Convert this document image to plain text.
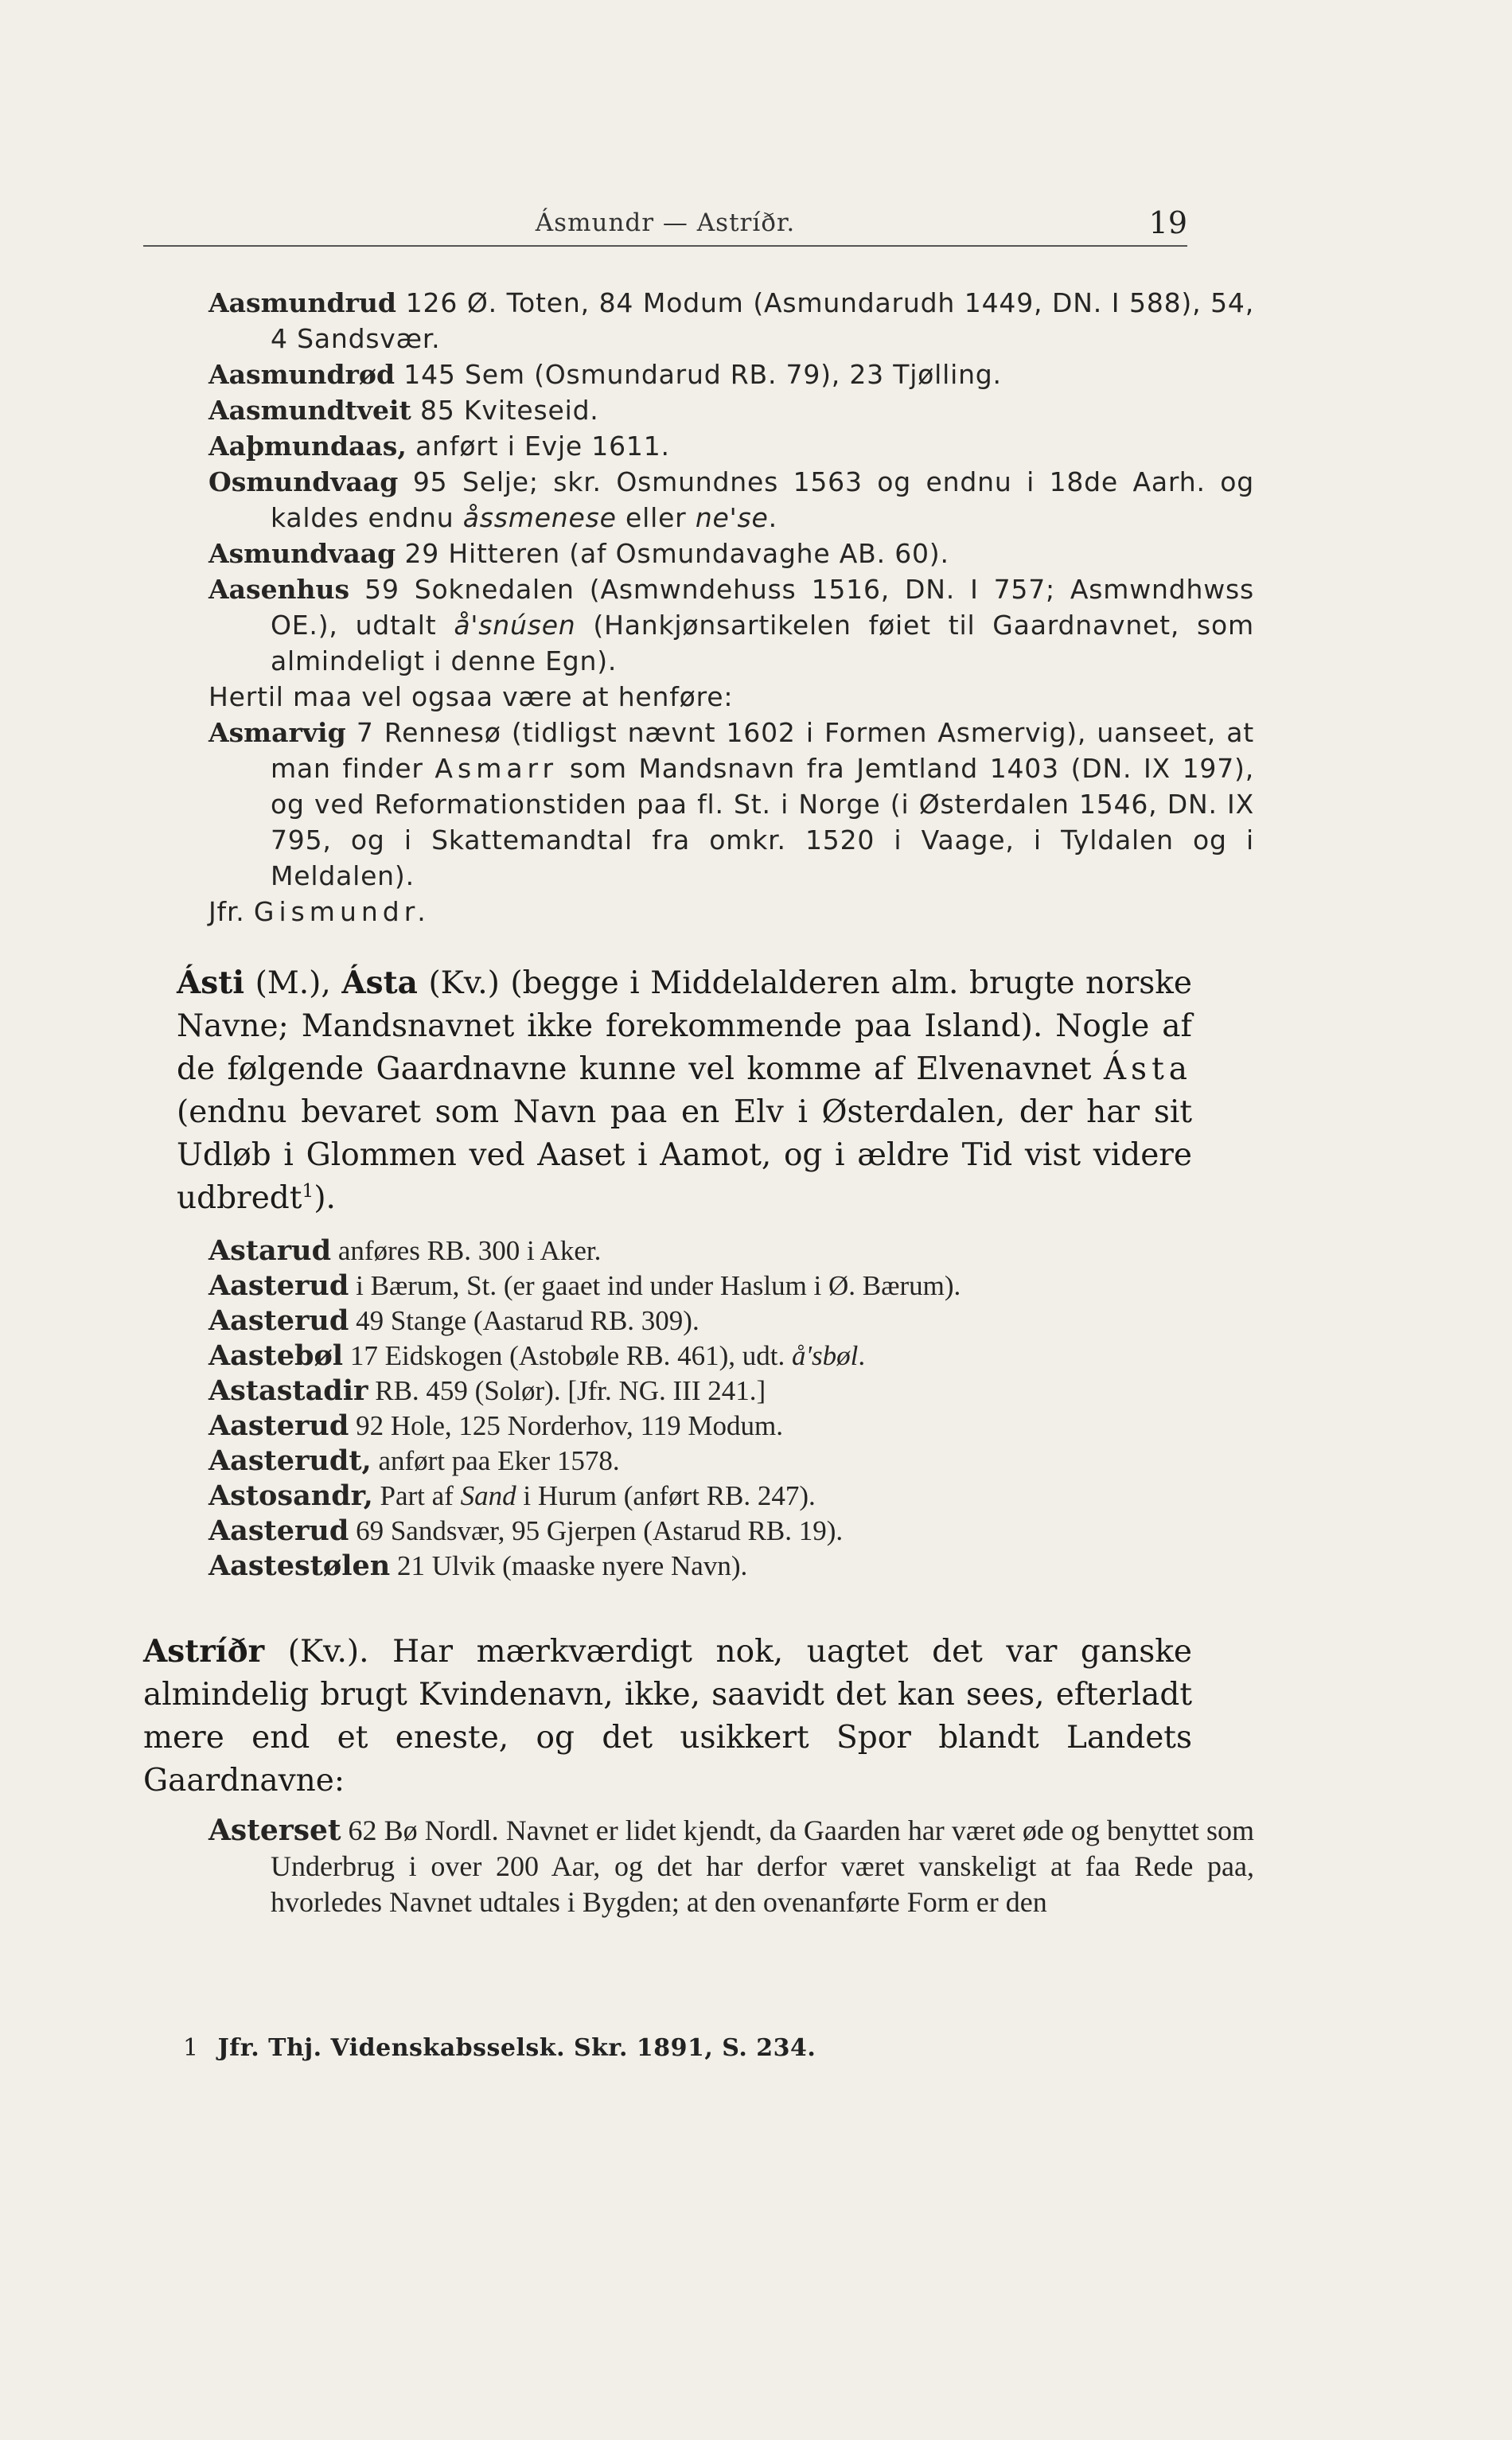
Ásmundr — Astríðr.	19
Aasmundrud 126 Ø. Toten, 84 Modum (Asmundarudh 1449, DN. I 588), 54, 4 Sandsvær.
Aasmundrød 145 Sem (Osmundarud RB. 79), 23 Tjølling.
Aasmundtveit 85 Kviteseid.
Aaþmundaas, anført i Evje 1611.
Osmundvaag 95 Selje; skr. Osmundnes 1563 og endnu i 18de Aarh. og kaldes endnu åssmenese eller ne'se.
Asmundvaag 29 Hitteren (af Osmundavaghe AB. 60).
Aasenhus 59 Soknedalen (Asmwndehuss 1516, DN. I 757; Asmwndhwss OE.), udtalt å'snúsen (Hankjønsartikelen føiet til Gaardnavnet, som almindeligt i denne Egn).
Hertil maa vel ogsaa være at henføre:
Asmarvig 7 Rennesø (tidligst nævnt 1602 i Formen Asmervig), uanseet, at man finder Asmarr som Mandsnavn fra Jemtland 1403 (DN. IX 197), og ved Reformationstiden paa fl. St. i Norge (i Østerdalen 1546, DN. IX 795, og i Skattemandtal fra omkr. 1520 i Vaage, i Tyldalen og i Meldalen).
Jfr. Gismundr.
Ásti (M.), Ásta (Kv.) (begge i Middelalderen alm. brugte norske Navne; Mandsnavnet ikke forekommende paa Island). Nogle af de følgende Gaardnavne kunne vel komme af Elvenavnet Ásta (endnu bevaret som Navn paa en Elv i Østerdalen, der har sit Udløb i Glommen ved Aaset i Aamot, og i ældre Tid vist videre udbredt$^1$).
Astarud anføres RB. 300 i Aker.
Aasterud i Bærum, St. (er gaaet ind under Haslum i Ø. Bærum).
Aasterud 49 Stange (Aastarud RB. 309).
Aastebøl 17 Eidskogen (Astobøle RB. 461), udt. å'sbøl.
Astastadir RB. 459 (Solør). [Jfr. NG. III 241.]
Aasterud 92 Hole, 125 Norderhov, 119 Modum.
Aasterudt, anført paa Eker 1578.
Astosandr, Part af Sand i Hurum (anført RB. 247).
Aasterud 69 Sandsvær, 95 Gjerpen (Astarud RB. 19).
Aastestølen 21 Ulvik (maaske nyere Navn).
Astríðr (Kv.). Har mærkværdigt nok, uagtet det var ganske almindelig brugt Kvindenavn, ikke, saavidt det kan sees, efterladt mere end et eneste, og det usikkert Spor blandt Landets Gaardnavne:
Asterset 62 Bø Nordl. Navnet er lidet kjendt, da Gaarden har været øde og benyttet som Underbrug i over 200 Aar, og det har derfor været vanskeligt at faa Rede paa, hvorledes Navnet udtales i Bygden; at den ovenanførte Form er den
1 Jfr. Thj. Videnskabsselsk. Skr. 1891, S. 234.
